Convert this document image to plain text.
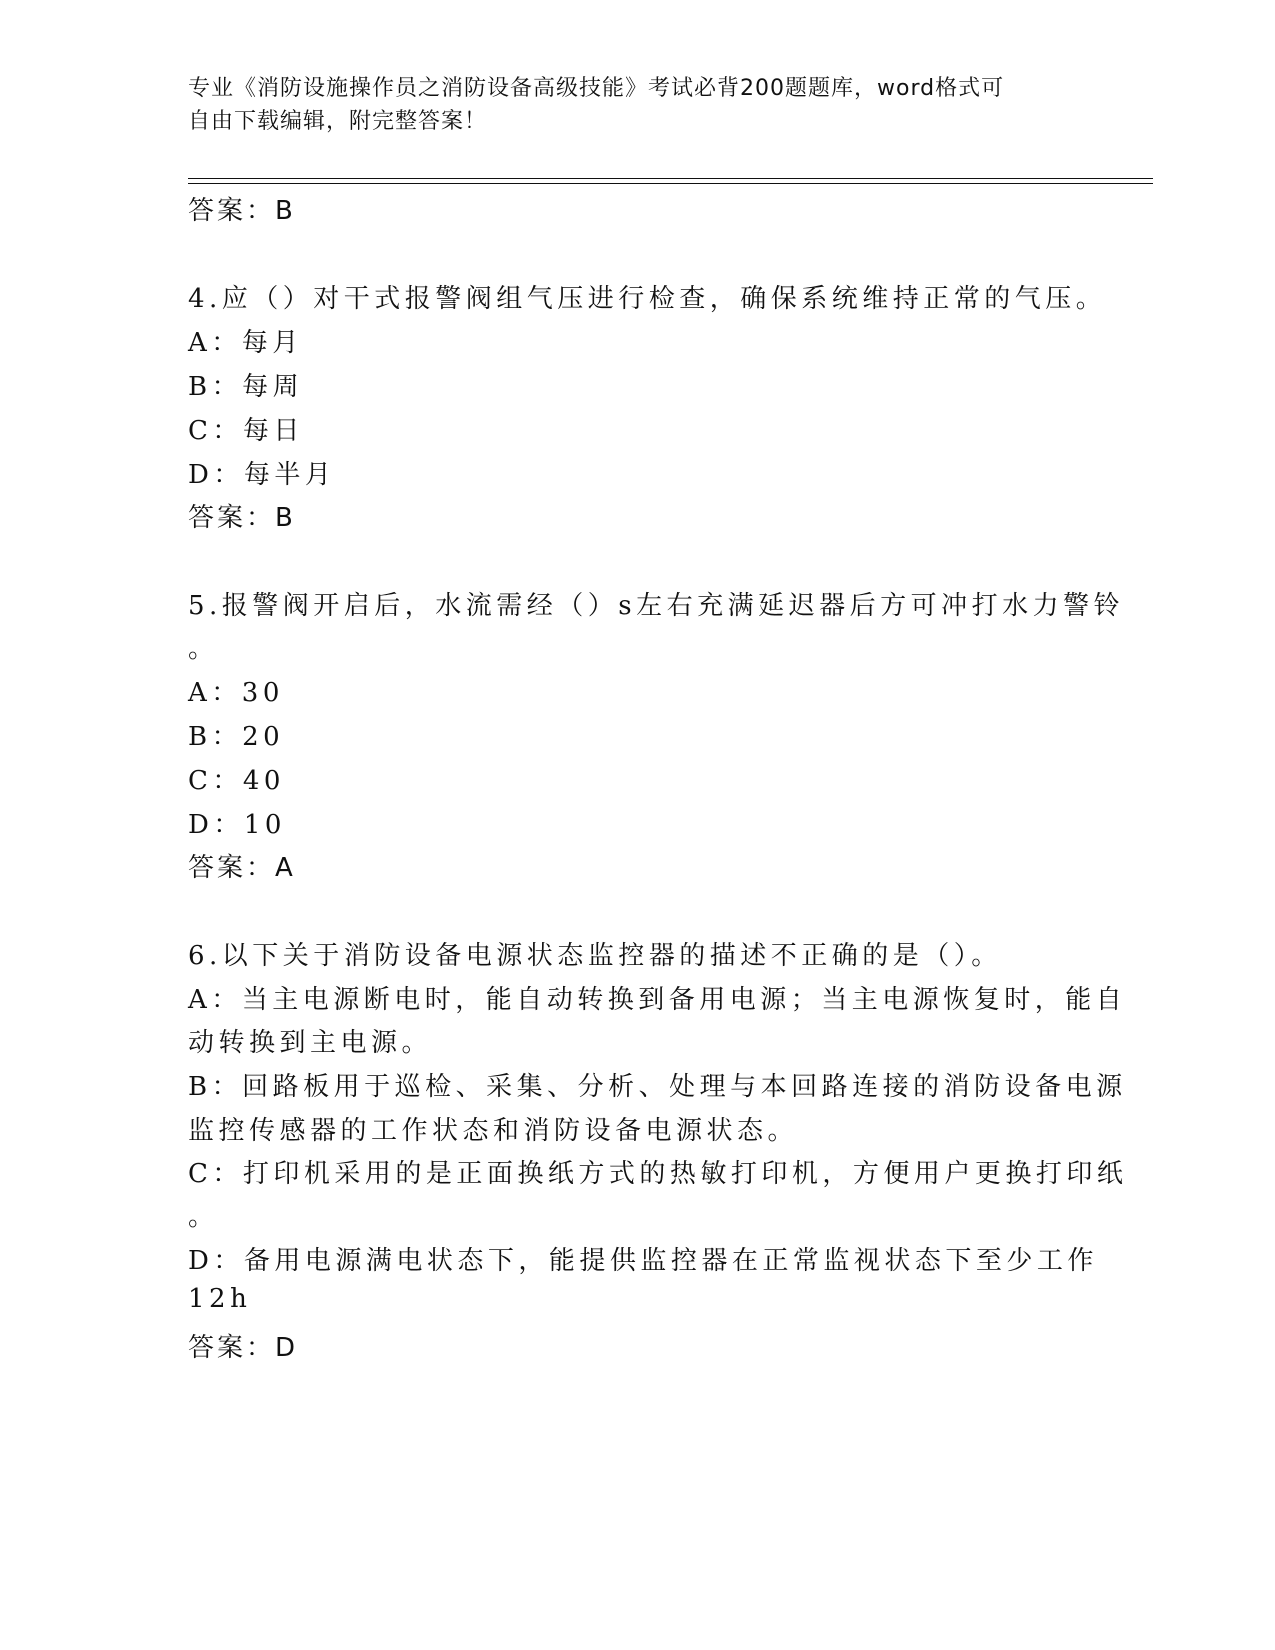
专业《消防设施操作员之消防设备高级技能》考试必背200题题库，word格式可
自由下载编辑，附完整答案！
答案：B
4.应（）对干式报警阀组气压进行检查，确保系统维持正常的气压。
A：每月
B：每周
C：每日
D：每半月
答案：B
5.报警阀开启后，水流需经（）s左右充满延迟器后方可冲打水力警铃
。
A：30
B：20
C：40
D：10
答案：A
6.以下关于消防设备电源状态监控器的描述不正确的是（）。
A：当主电源断电时，能自动转换到备用电源；当主电源恢复时，能自
动转换到主电源。
B：回路板用于巡检、采集、分析、处理与本回路连接的消防设备电源
监控传感器的工作状态和消防设备电源状态。
C：打印机采用的是正面换纸方式的热敏打印机，方便用户更换打印纸
。
D：备用电源满电状态下，能提供监控器在正常监视状态下至少工作
12h
答案：D
